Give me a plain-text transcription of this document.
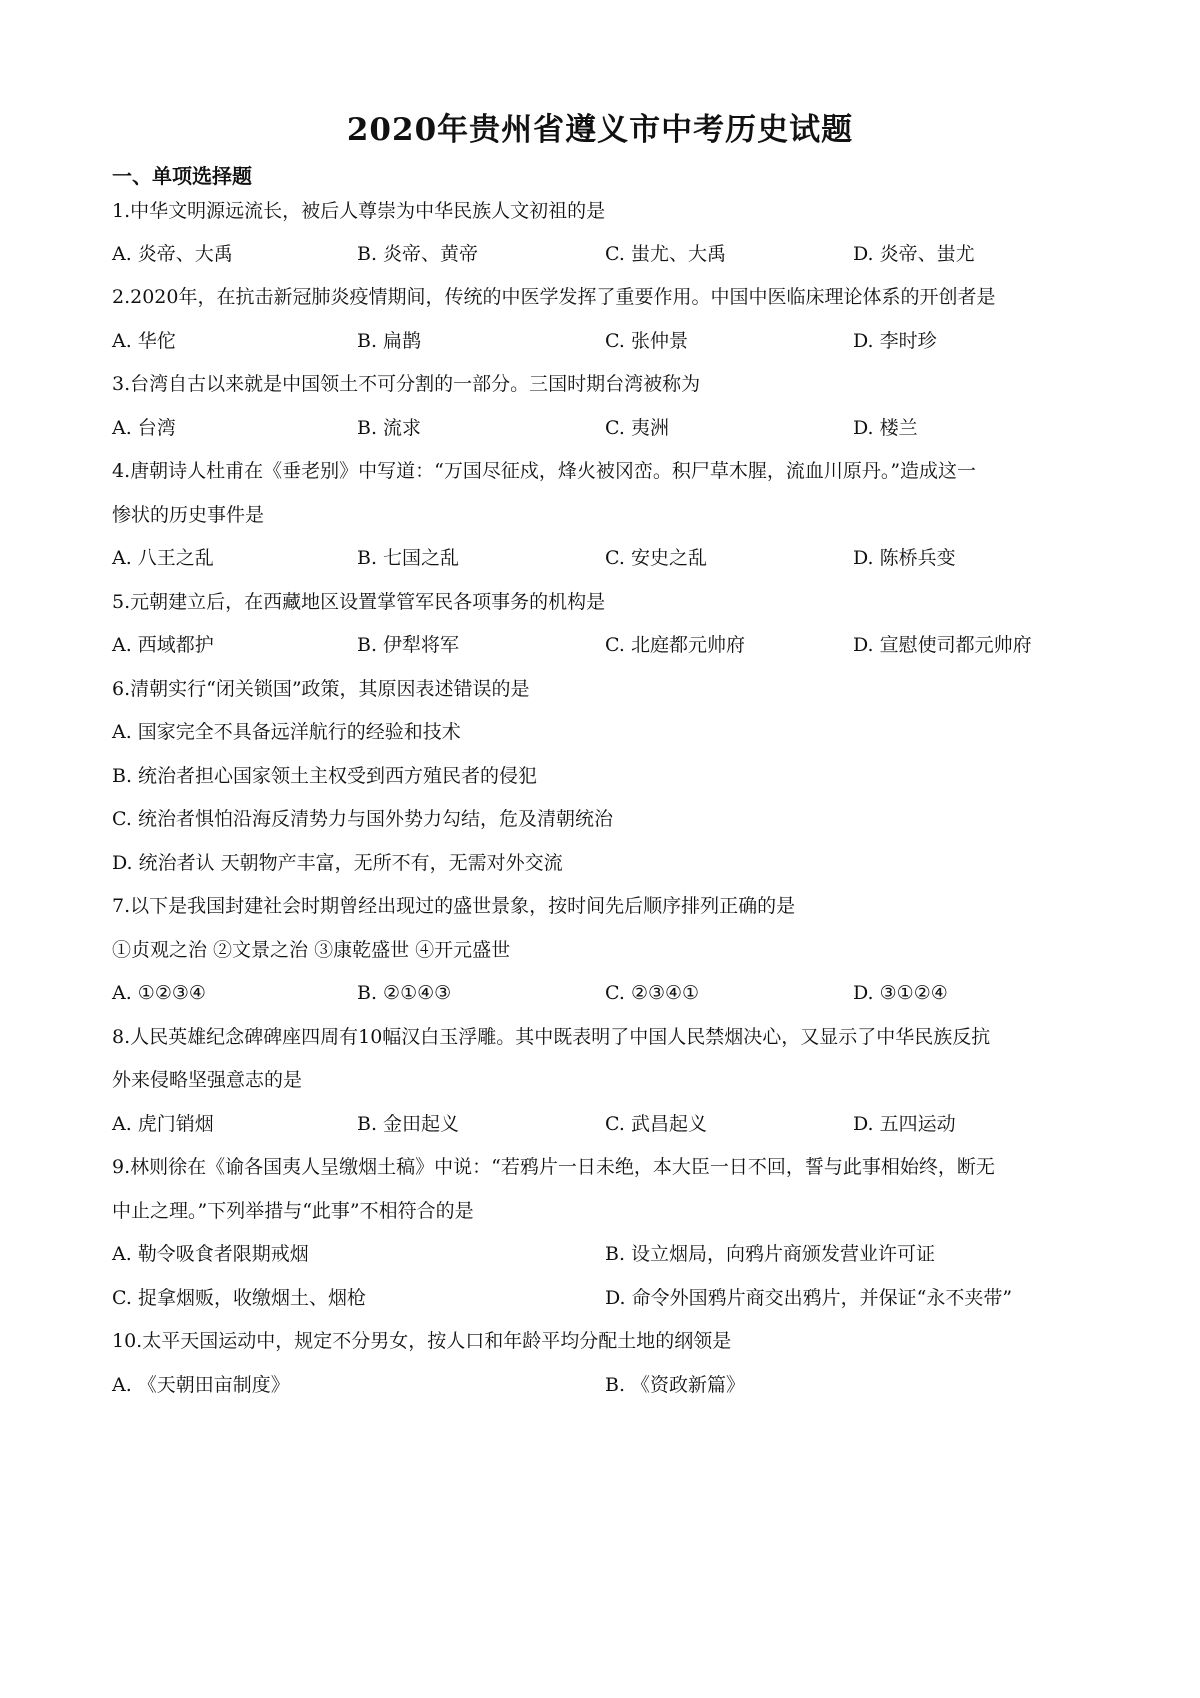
2020年贵州省遵义市中考历史试题
一、单项选择题
1.中华文明源远流长，被后人尊崇为中华民族人文初祖的是
A. 炎帝、大禹	B. 炎帝、黄帝	C. 蚩尤、大禹	D. 炎帝、蚩尤
2.2020年，在抗击新冠肺炎疫情期间，传统的中医学发挥了重要作用。中国中医临床理论体系的开创者是
A. 华佗	B. 扁鹊	C. 张仲景	D. 李时珍
3.台湾自古以来就是中国领土不可分割的一部分。三国时期台湾被称为
A. 台湾	B. 流求	C. 夷洲	D. 楼兰
4.唐朝诗人杜甫在《垂老别》中写道：“万国尽征戍，烽火被冈峦。积尸草木腥，流血川原丹。”造成这一
惨状的历史事件是
A. 八王之乱	B. 七国之乱	C. 安史之乱	D. 陈桥兵变
5.元朝建立后，在西藏地区设置掌管军民各项事务的机构是
A. 西域都护	B. 伊犁将军	C. 北庭都元帅府	D. 宣慰使司都元帅府
6.清朝实行“闭关锁国”政策，其原因表述错误的是
A. 国家完全不具备远洋航行的经验和技术
B. 统治者担心国家领土主权受到西方殖民者的侵犯
C. 统治者惧怕沿海反清势力与国外势力勾结，危及清朝统治
D. 统治者认 天朝物产丰富，无所不有，无需对外交流
7.以下是我国封建社会时期曾经出现过的盛世景象，按时间先后顺序排列正确的是
①贞观之治 ②文景之治 ③康乾盛世 ④开元盛世
A. ①②③④	B. ②①④③	C. ②③④①	D. ③①②④
8.人民英雄纪念碑碑座四周有10幅汉白玉浮雕。其中既表明了中国人民禁烟决心，又显示了中华民族反抗
外来侵略坚强意志的是
A. 虎门销烟	B. 金田起义	C. 武昌起义	D. 五四运动
9.林则徐在《谕各国夷人呈缴烟土稿》中说：“若鸦片一日未绝，本大臣一日不回，誓与此事相始终，断无
中止之理。”下列举措与“此事”不相符合的是
A. 勒令吸食者限期戒烟	B. 设立烟局，向鸦片商颁发营业许可证
C. 捉拿烟贩，收缴烟土、烟枪	D. 命令外国鸦片商交出鸦片，并保证“永不夹带”
10.太平天国运动中，规定不分男女，按人口和年龄平均分配土地的纲领是
A. 《天朝田亩制度》	B. 《资政新篇》
